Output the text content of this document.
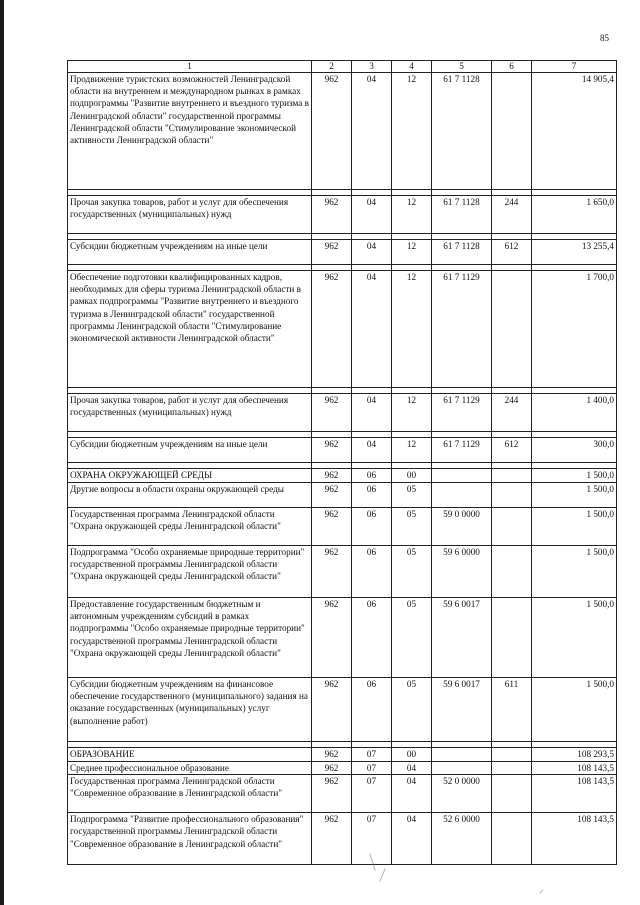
85
1	2	3	4	5	6	7
Продвижение туристских возможностей Ленинградской области на внутреннем и международном рынках в рамках подпрограммы "Развитие внутреннего и въездного туризма в Ленинградской области" государственной программы Ленинградской области "Стимулирование экономической активности Ленинградской области"	962	04	12	61 7 1128		14 905,4

Прочая закупка товаров, работ и услуг для обеспечения государственных (муниципальных) нужд	962	04	12	61 7 1128	244	1 650,0

Субсидии бюджетным учреждениям на иные цели	962	04	12	61 7 1128	612	13 255,4

Обеспечение подготовки квалифицированных кадров, необходимых для сферы туризма Ленинградской области в рамках подпрограммы "Развитие внутреннего и въездного туризма в Ленинградской области" государственной программы Ленинградской области "Стимулирование экономической активности Ленинградской области"	962	04	12	61 7 1129		1 700,0

Прочая закупка товаров, работ и услуг для обеспечения государственных (муниципальных) нужд	962	04	12	61 7 1129	244	1 400,0

Субсидии бюджетным учреждениям на иные цели	962	04	12	61 7 1129	612	300,0

ОХРАНА ОКРУЖАЮЩЕЙ СРЕДЫ	962	06	00			1 500,0
Другие вопросы в области охраны окружающей среды	962	06	05			1 500,0
Государственная программа Ленинградской области "Охрана окружающей среды Ленинградской области"	962	06	05	59 0 0000		1 500,0
Подпрограмма "Особо охраняемые природные территории" государственной программы Ленинградской области "Охрана окружающей среды Ленинградской области"	962	06	05	59 6 0000		1 500,0
Предоставление государственным бюджетным и автономным учреждениям субсидий в рамках подпрограммы "Особо охраняемые природные территории" государственной программы Ленинградской области "Охрана окружающей среды Ленинградской области"	962	06	05	59 6 0017		1 500,0
Субсидии бюджетным учреждениям на финансовое обеспечение государственного (муниципального) задания на оказание государственных (муниципальных) услуг (выполнение работ)	962	06	05	59 6 0017	611	1 500,0

ОБРАЗОВАНИЕ	962	07	00			108 293,5
Среднее профессиональное образование	962	07	04			108 143,5
Государственная программа Ленинградской области "Современное образование в Ленинградской области"	962	07	04	52 0 0000		108 143,5
Подпрограмма "Развитие профессионального образования" государственной программы Ленинградской области "Современное образование в Ленинградской области"	962	07	04	52 6 0000		108 143,5
